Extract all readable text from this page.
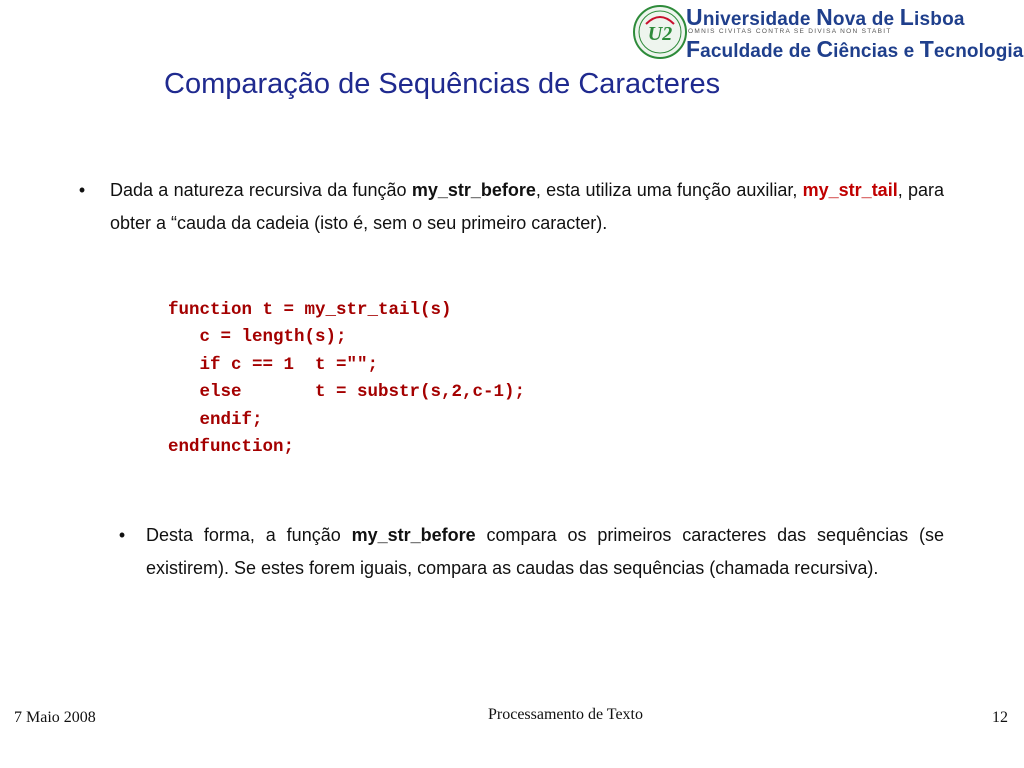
U2
Universidade Nova de Lisboa
OMNIS CIVITAS CONTRA SE DIVISA NON STABIT
Faculdade de Ciências e Tecnologia
Comparação de Sequências de Caracteres
•	Dada a natureza recursiva da função my_str_before, esta utiliza uma função auxiliar, my_str_tail, para obter a “cauda da cadeia (isto é, sem o seu primeiro caracter).
function t = my_str_tail(s)
c = length(s);
if c == 1  t ="";
else       t = substr(s,2,c-1);
endif;
endfunction;
•	Desta forma, a função my_str_before compara os primeiros caracteres das sequências (se existirem). Se estes forem iguais, compara as caudas das sequências (chamada recursiva).
7 Maio 2008	Processamento de Texto	12
